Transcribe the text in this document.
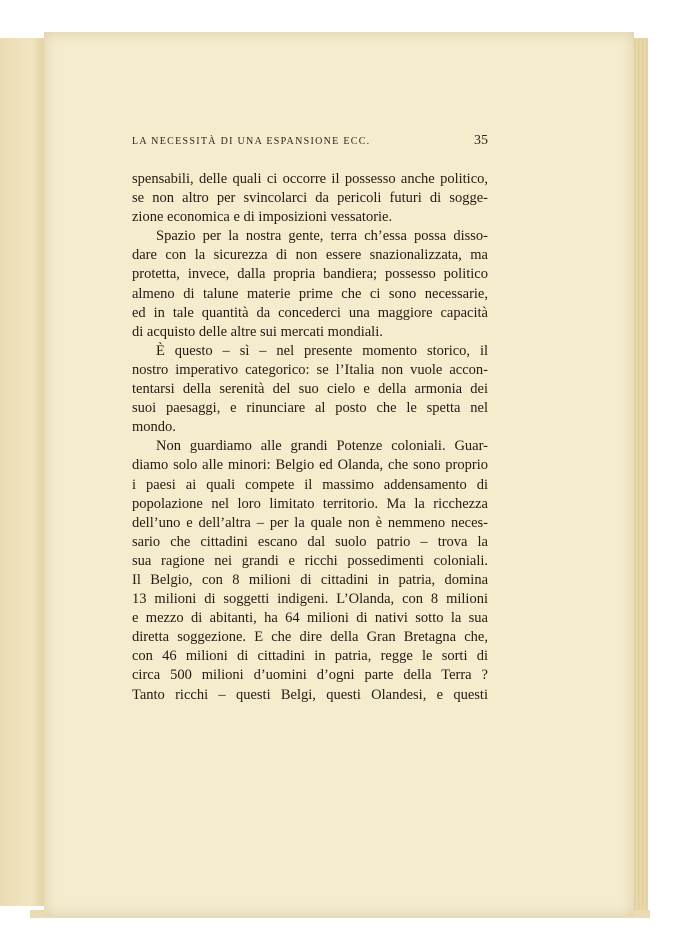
LA NECESSITÀ DI UNA ESPANSIONE ECC.	35
spensabili, delle quali ci occorre il possesso anche politico,
se non altro per svincolarci da pericoli futuri di sogge-
zione economica e di imposizioni vessatorie.
Spazio per la nostra gente, terra ch’essa possa disso-
dare con la sicurezza di non essere snazionalizzata, ma
protetta, invece, dalla propria bandiera; possesso politico
almeno di talune materie prime che ci sono necessarie,
ed in tale quantità da concederci una maggiore capacità
di acquisto delle altre sui mercati mondiali.
È questo – sì – nel presente momento storico, il
nostro imperativo categorico: se l’Italia non vuole accon-
tentarsi della serenità del suo cielo e della armonia dei
suoi paesaggi, e rinunciare al posto che le spetta nel
mondo.
Non guardiamo alle grandi Potenze coloniali. Guar-
diamo solo alle minori: Belgio ed Olanda, che sono proprio
i paesi ai quali compete il massimo addensamento di
popolazione nel loro limitato territorio. Ma la ricchezza
dell’uno e dell’altra – per la quale non è nemmeno neces-
sario che cittadini escano dal suolo patrio – trova la
sua ragione nei grandi e ricchi possedimenti coloniali.
Il Belgio, con 8 milioni di cittadini in patria, domina
13 milioni di soggetti indigeni. L’Olanda, con 8 milioni
e mezzo di abitanti, ha 64 milioni di nativi sotto la sua
diretta soggezione. E che dire della Gran Bretagna che,
con 46 milioni di cittadini in patria, regge le sorti di
circa 500 milioni d’uomini d’ogni parte della Terra ?
Tanto ricchi – questi Belgi, questi Olandesi, e questi
